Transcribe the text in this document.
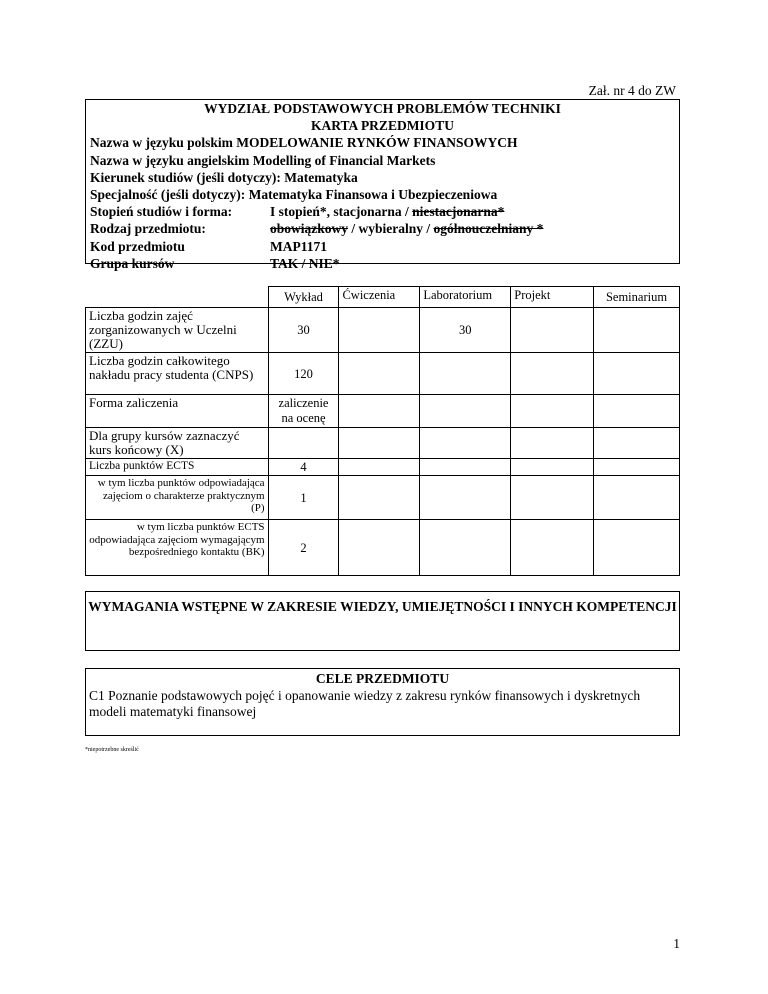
Zał. nr 4 do ZW
WYDZIAŁ PODSTAWOWYCH PROBLEMÓW TECHNIKI
KARTA PRZEDMIOTU
Nazwa w języku polskim MODELOWANIE RYNKÓW FINANSOWYCH
Nazwa w języku angielskim Modelling of Financial Markets
Kierunek studiów (jeśli dotyczy): Matematyka
Specjalność (jeśli dotyczy): Matematyka Finansowa i Ubezpieczeniowa
Stopień studiów i forma:	I stopień*, stacjonarna / niestacjonarna*
Rodzaj przedmiotu:	obowiązkowy / wybieralny / ogólnouczelniany *
Kod przedmiotu	MAP1171
Grupa kursów	TAK / NIE*
	Wykład	Ćwiczenia	Laboratorium	Projekt	Seminarium
Liczba godzin zajęć zorganizowanych w Uczelni (ZZU)	30		30		
Liczba godzin całkowitego nakładu pracy studenta (CNPS)	120				
Forma zaliczenia	zaliczenie na ocenę				
Dla grupy kursów zaznaczyć kurs końcowy (X)					
Liczba punktów ECTS	4				
w tym liczba punktów odpowiadająca zajęciom o charakterze praktycznym (P)	1				
w tym liczba punktów ECTS odpowiadająca zajęciom wymagającym bezpośredniego kontaktu (BK)	2				
WYMAGANIA WSTĘPNE W ZAKRESIE WIEDZY, UMIEJĘTNOŚCI I INNYCH KOMPETENCJI
CELE PRZEDMIOTU
C1 Poznanie podstawowych pojęć i opanowanie wiedzy z zakresu rynków finansowych i dyskretnych modeli matematyki finansowej
*niepotrzebne skreślić
1
